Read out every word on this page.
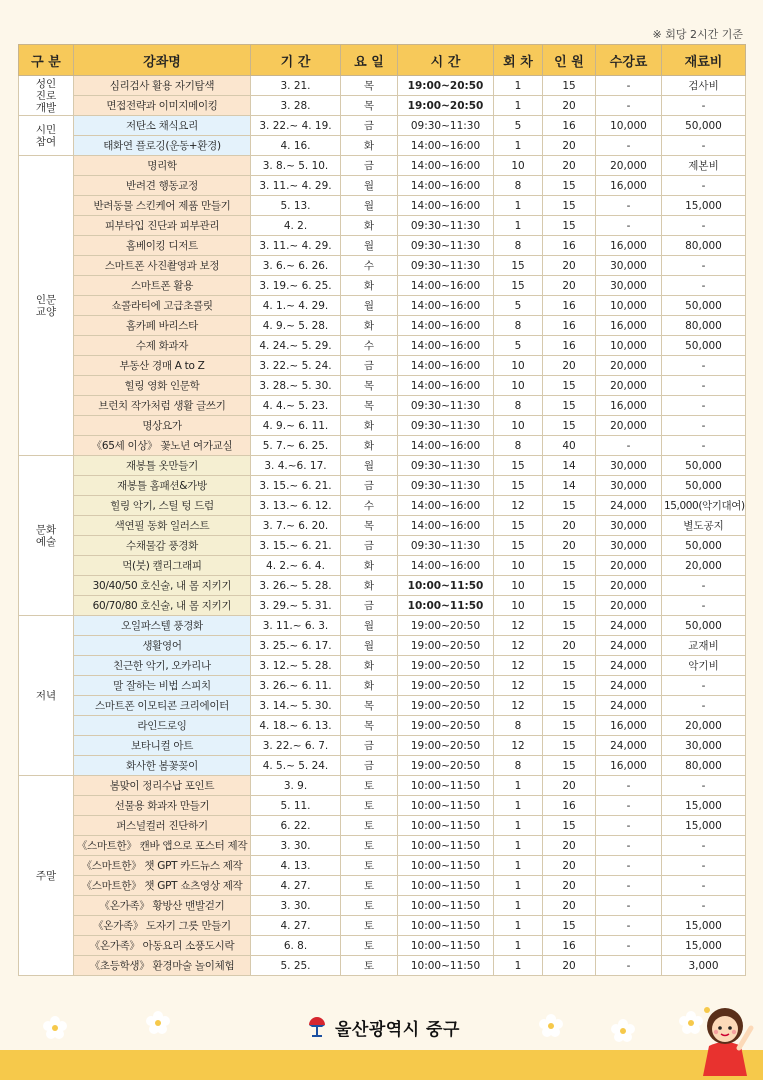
※ 회당 2시간 기준
구 분	강좌명	기 간	요 일	시 간	회 차	인 원	수강료	재료비
성인
진로
개발	심리검사 활용 자기탐색	3. 21.	목	19:00~20:50	1	15	-	검사비
	면접전략과 이미지메이킹	3. 28.	목	19:00~20:50	1	20	-	-
시민
참여	저탄소 채식요리	3. 22.~ 4. 19.	금	09:30~11:30	5	16	10,000	50,000
	태화연 플로깅(운동+환경)	4. 16.	화	14:00~16:00	1	20	-	-
인문
교양	명리학	3. 8.~ 5. 10.	금	14:00~16:00	10	20	20,000	제본비
	반려견 행동교정	3. 11.~ 4. 29.	월	14:00~16:00	8	15	16,000	-
	반려동물 스킨케어 제품 만들기	5. 13.	월	14:00~16:00	1	15	-	15,000
	피부타입 진단과 피부관리	4. 2.	화	09:30~11:30	1	15	-	-
	홈베이킹 디저트	3. 11.~ 4. 29.	월	09:30~11:30	8	16	16,000	80,000
	스마트폰 사진촬영과 보정	3. 6.~ 6. 26.	수	09:30~11:30	15	20	30,000	-
	스마트폰 활용	3. 19.~ 6. 25.	화	14:00~16:00	15	20	30,000	-
	쇼콜라티에 고급초콜릿	4. 1.~ 4. 29.	월	14:00~16:00	5	16	10,000	50,000
	홈카페 바리스타	4. 9.~ 5. 28.	화	14:00~16:00	8	16	16,000	80,000
	수제 화과자	4. 24.~ 5. 29.	수	14:00~16:00	5	16	10,000	50,000
	부동산 경매 A to Z	3. 22.~ 5. 24.	금	14:00~16:00	10	20	20,000	-
	힐링 영화 인문학	3. 28.~ 5. 30.	목	14:00~16:00	10	15	20,000	-
	브런치 작가처럼 생활 글쓰기	4. 4.~ 5. 23.	목	09:30~11:30	8	15	16,000	-
	명상요가	4. 9.~ 6. 11.	화	09:30~11:30	10	15	20,000	-
	《65세 이상》 꽃노년 여가교실	5. 7.~ 6. 25.	화	14:00~16:00	8	40	-	-
문화
예술	재봉틀 옷만들기	3. 4.~6. 17.	월	09:30~11:30	15	14	30,000	50,000
	재봉틀 홈패션&가방	3. 15.~ 6. 21.	금	09:30~11:30	15	14	30,000	50,000
	힐링 악기, 스틸 텅 드럼	3. 13.~ 6. 12.	수	14:00~16:00	12	15	24,000	15,000(악기대여)
	색연필 동화 일러스트	3. 7.~ 6. 20.	목	14:00~16:00	15	20	30,000	별도공지
	수채물감 풍경화	3. 15.~ 6. 21.	금	09:30~11:30	15	20	30,000	50,000
	먹(붓) 캘리그래피	4. 2.~ 6. 4.	화	14:00~16:00	10	15	20,000	20,000
	30/40/50 호신술, 내 몸 지키기	3. 26.~ 5. 28.	화	10:00~11:50	10	15	20,000	-
	60/70/80 호신술, 내 몸 지키기	3. 29.~ 5. 31.	금	10:00~11:50	10	15	20,000	-
저녁	오일파스텔 풍경화	3. 11.~ 6. 3.	월	19:00~20:50	12	15	24,000	50,000
	생활영어	3. 25.~ 6. 17.	월	19:00~20:50	12	20	24,000	교재비
	친근한 악기, 오카리나	3. 12.~ 5. 28.	화	19:00~20:50	12	15	24,000	악기비
	말 잘하는 비법 스피치	3. 26.~ 6. 11.	화	19:00~20:50	12	15	24,000	-
	스마트폰 이모티콘 크리에이터	3. 14.~ 5. 30.	목	19:00~20:50	12	15	24,000	-
	라인드로잉	4. 18.~ 6. 13.	목	19:00~20:50	8	15	16,000	20,000
	보타니컬 아트	3. 22.~ 6. 7.	금	19:00~20:50	12	15	24,000	30,000
	화사한 봄꽃꽂이	4. 5.~ 5. 24.	금	19:00~20:50	8	15	16,000	80,000
주말	봄맞이 정리수납 포인트	3. 9.	토	10:00~11:50	1	20	-	-
	선물용 화과자 만들기	5. 11.	토	10:00~11:50	1	16	-	15,000
	퍼스널컬러 진단하기	6. 22.	토	10:00~11:50	1	15	-	15,000
	《스마트한》 캔바 앱으로 포스터 제작	3. 30.	토	10:00~11:50	1	20	-	-
	《스마트한》 챗 GPT 카드뉴스 제작	4. 13.	토	10:00~11:50	1	20	-	-
	《스마트한》 챗 GPT 쇼츠영상 제작	4. 27.	토	10:00~11:50	1	20	-	-
	《온가족》 황방산 맨발걷기	3. 30.	토	10:00~11:50	1	20	-	-
	《온가족》 도자기 그릇 만들기	4. 27.	토	10:00~11:50	1	15	-	15,000
	《온가족》 아동요리 소풍도시락	6. 8.	토	10:00~11:50	1	16	-	15,000
	《초등학생》 환경마술 놀이체험	5. 25.	토	10:00~11:50	1	20	-	3,000
울산광역시 중구
